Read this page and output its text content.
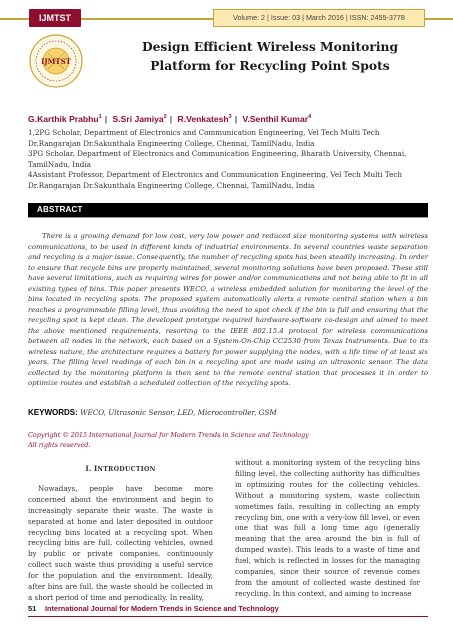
IJMTST	Volume: 2 | Issue: 03 | March 2016 | ISSN: 2455-3778
IJMTST
Design Efficient Wireless Monitoring
Platform for Recycling Point Spots
G.Karthik Prabhu$^1$ | S.Sri Jamiya$^2$ | R.Venkatesh$^3$ | V.Senthil Kumar$^4$

1,2PG Scholar, Department of Electronics and Communication Engineering, Vel Tech Multi Tech Dr.Rangarajan Dr.Sakunthala Engineering College, Chennai, TamilNadu, India

3PG Scholar, Department of Electronics and Communication Engineering, Bharath University, Chennai, TamilNadu, India

4Assistant Professor, Department of Electronics and Communication Engineering, Vel Tech Multi Tech Dr.Rangarajan Dr.Sakunthala Engineering College, Chennai, TamilNadu, India

ABSTRACT

There is a growing demand for low cost, very low power and reduced size monitoring systems with wireless communications, to be used in different kinds of industrial environments. In several countries waste separation and recycling is a major issue. Consequently, the number of recycling spots has been steadily increasing. In order to ensure that recycle bins are properly maintained, several monitoring solutions have been proposed. These still have several limitations, such as requiring wires for power and/or communications and not being able to fit in all existing types of bins. This paper presents WECO, a wireless embedded solution for monitoring the level of the bins located in recycling spots. The proposed system automatically alerts a remote central station when a bin reaches a programmable filling level, thus avoiding the need to spot check if the bin is full and ensuring that the recycling spot is kept clean. The developed prototype required hardware-software co-design and aimed to meet the above mentioned requirements, resorting to the IEEE 802.15.4 protocol for wireless communications between all nodes in the network, each based on a System-On-Chip CC2530 from Texas Instruments. Due to its wireless nature, the architecture requires a battery for power supplying the nodes, with a life time of at least six years. The filling level readings of each bin in a recycling spot are made using an ultrasonic sensor. The data collected by the monitoring platform is then sent to the remote central station that processes it in order to optimize routes and establish a scheduled collection of the recycling spots.

KEYWORDS: WECO, Ultrasonic Sensor, LED, Microcontroller, GSM

Copyright © 2015 International Journal for Modern Trends in Science and Technology

All rights reserved.

I. INTRODUCTION

Nowadays, people have become more concerned about the environment and begin to increasingly separate their waste. The waste is separated at home and later deposited in outdoor recycling bins located at a recycling spot. When recycling bins are full, collecting vehicles, owned by public or private companies, continuously collect such waste thus providing a useful service for the population and the environment. Ideally, after bins are full, the waste should be collected in a short period of time and periodically. In reality,

without a monitoring system of the recycling bins filling level, the collecting authority has difficulties in optimizing routes for the collecting vehicles. Without a monitoring system, waste collection sometimes fails, resulting in collecting an empty recycling bin, one with a very-low fill level, or even one that was full a long time ago (generally meaning that the area around the bin is full of dumped waste). This leads to a waste of time and fuel, which is reflected in losses for the managing companies, since their source of revenue comes from the amount of collected waste destined for recycling. In this context, and aiming to increase

51 International Journal for Modern Trends in Science and Technology
